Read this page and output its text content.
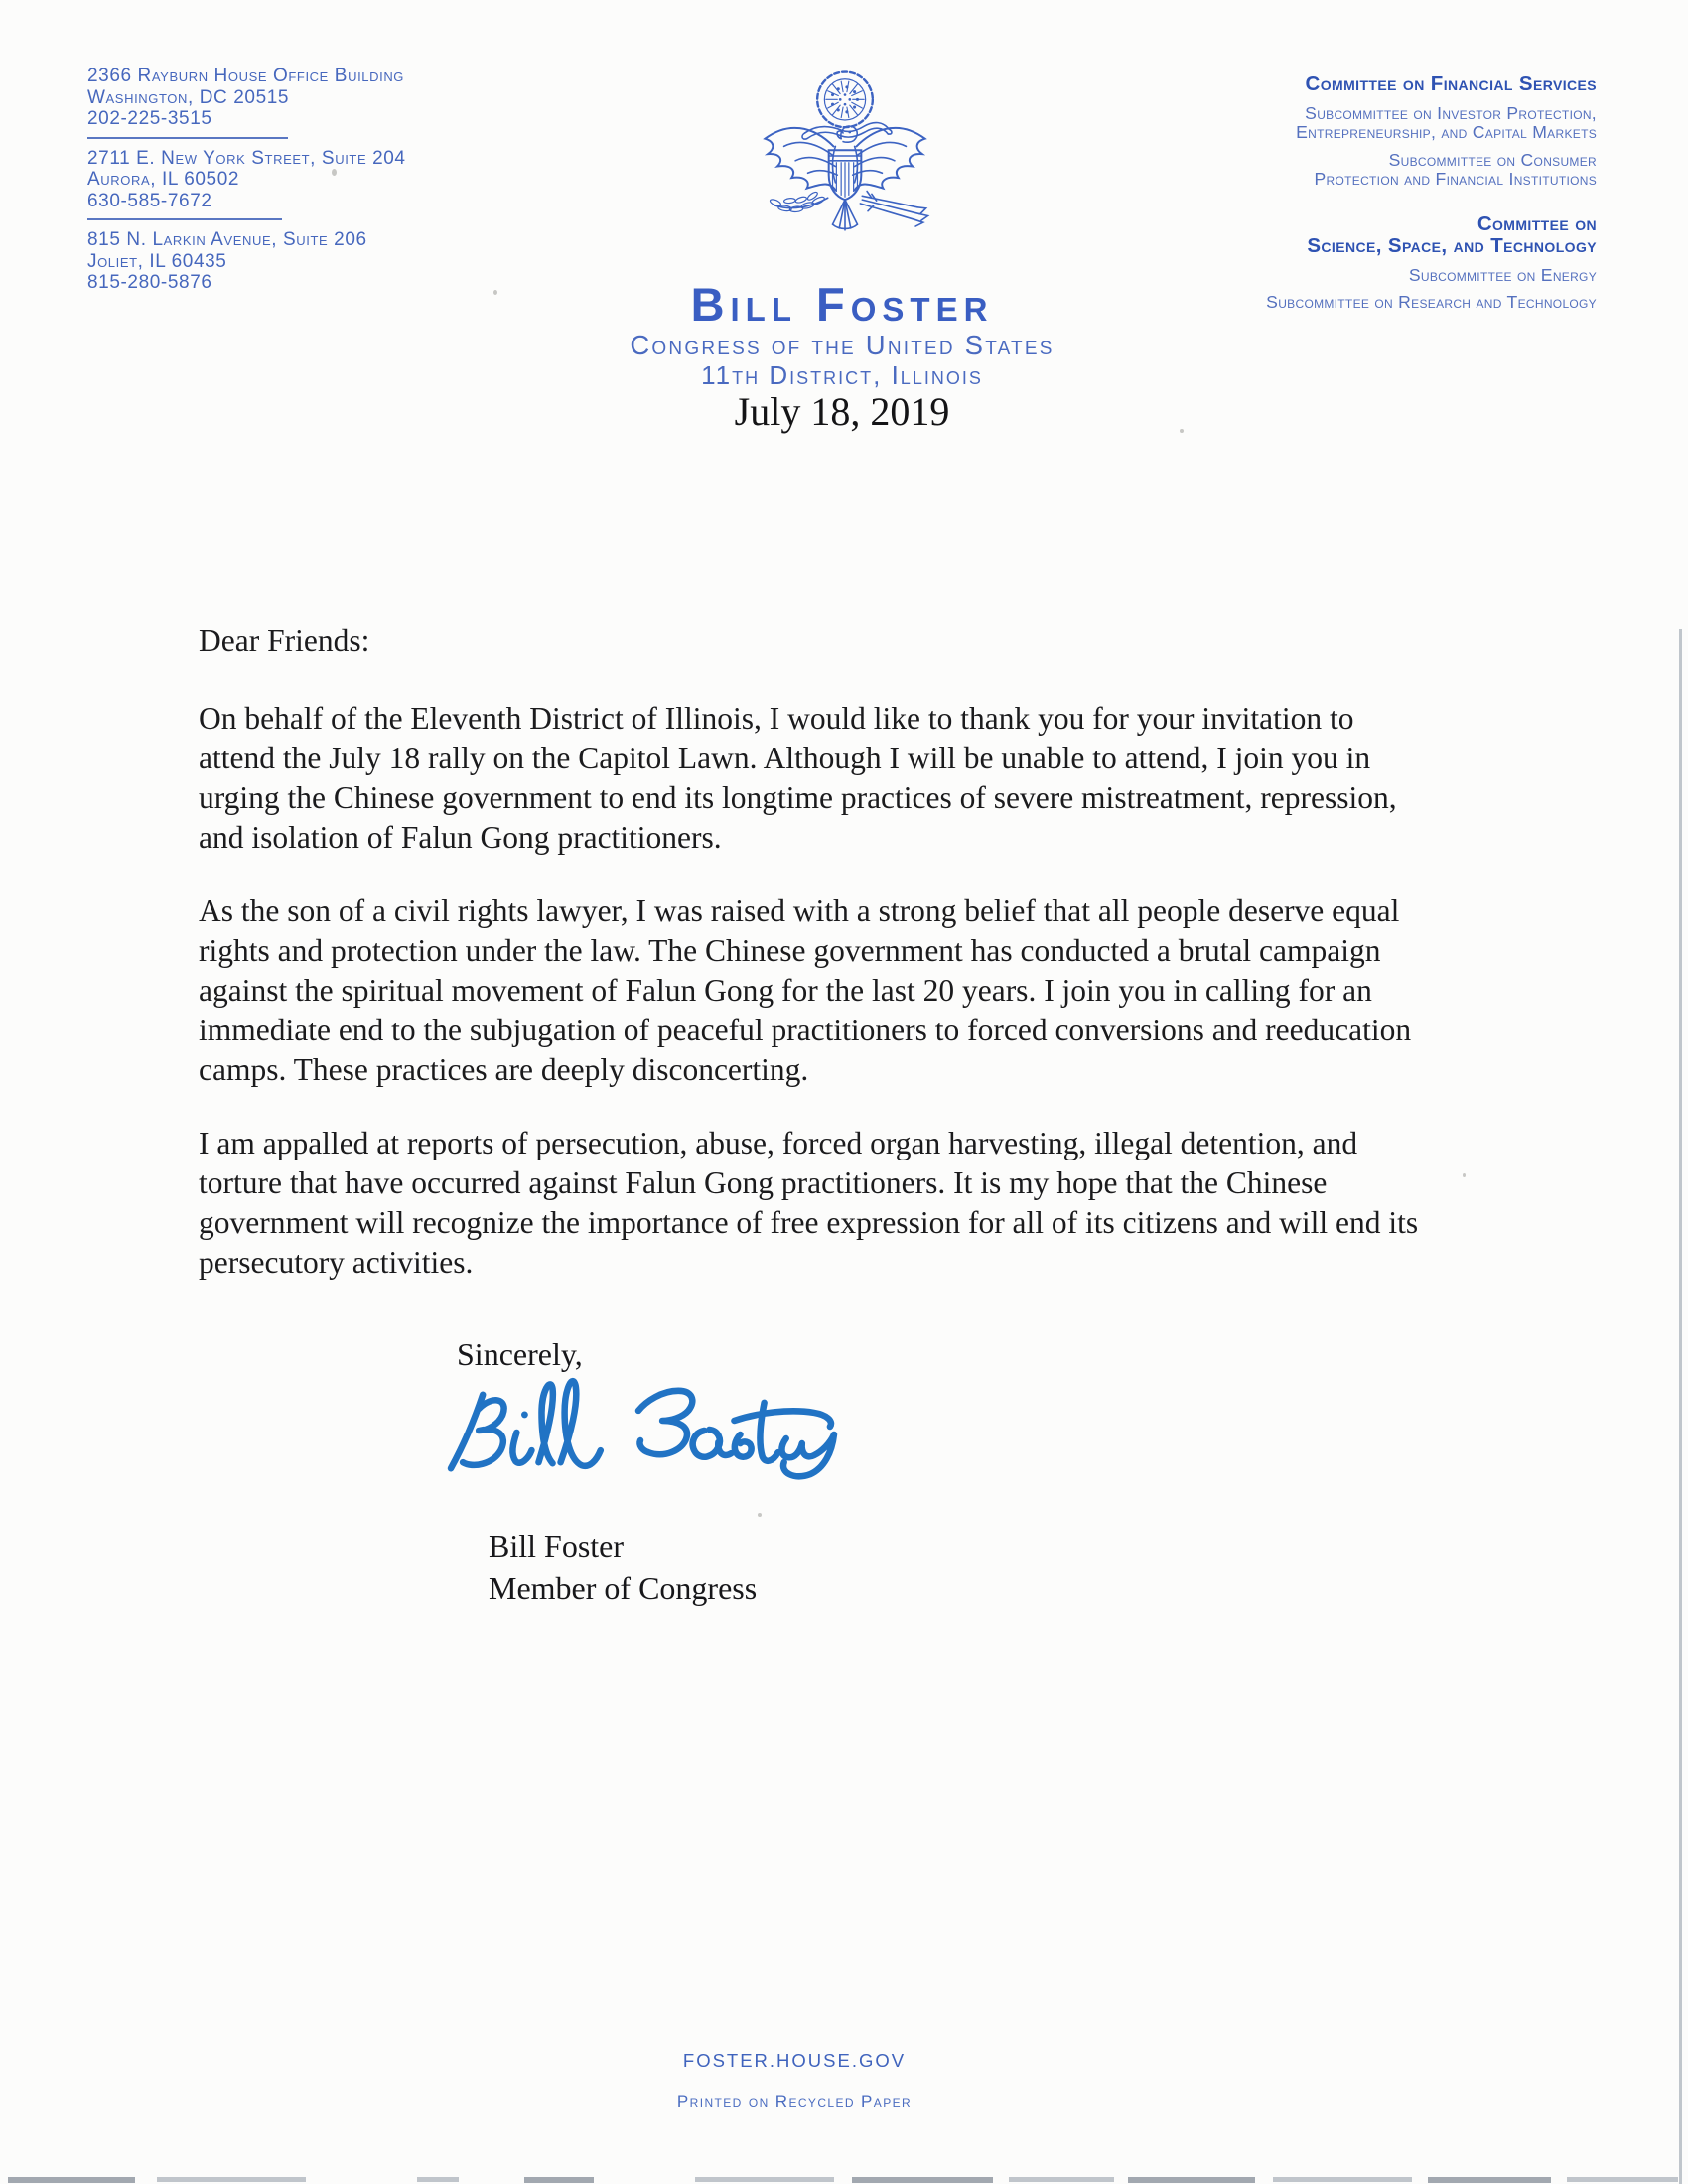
2366 Rayburn House Office Building
Washington, DC 20515
202-225-3515
2711 E. New York Street, Suite 204
Aurora, IL 60502
630-585-7672
815 N. Larkin Avenue, Suite 206
Joliet, IL 60435
815-280-5876
Committee on Financial Services
Subcommittee on Investor Protection,
Entrepreneurship, and Capital Markets
Subcommittee on Consumer
Protection and Financial Institutions
Committee on
Science, Space, and Technology
Subcommittee on Energy
Subcommittee on Research and Technology
Bill Foster
Congress of the United States
11th District, Illinois
July 18, 2019
Dear Friends:
On behalf of the Eleventh District of Illinois, I would like to thank you for your invitation to
attend the July 18 rally on the Capitol Lawn. Although I will be unable to attend, I join you in
urging the Chinese government to end its longtime practices of severe mistreatment, repression,
and isolation of Falun Gong practitioners.
As the son of a civil rights lawyer, I was raised with a strong belief that all people deserve equal
rights and protection under the law. The Chinese government has conducted a brutal campaign
against the spiritual movement of Falun Gong for the last 20 years. I join you in calling for an
immediate end to the subjugation of peaceful practitioners to forced conversions and reeducation
camps. These practices are deeply disconcerting.
I am appalled at reports of persecution, abuse, forced organ harvesting, illegal detention, and
torture that have occurred against Falun Gong practitioners. It is my hope that the Chinese
government will recognize the importance of free expression for all of its citizens and will end its
persecutory activities.
Sincerely,
Bill Foster
Member of Congress
FOSTER.HOUSE.GOV
Printed on Recycled Paper
